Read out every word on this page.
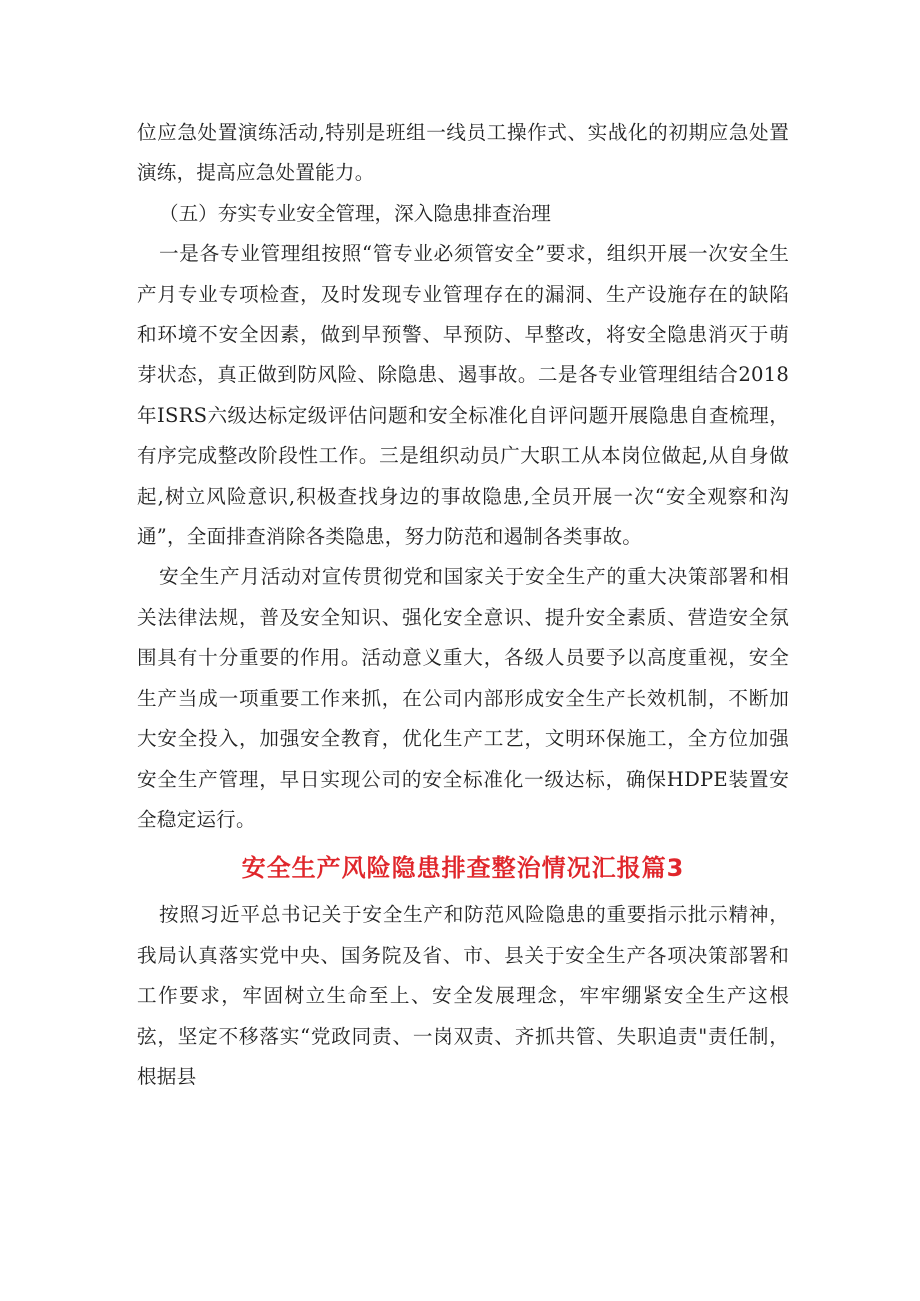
位应急处置演练活动,特别是班组一线员工操作式、实战化的初期应急处置演练，提高应急处置能力。

（五）夯实专业安全管理，深入隐患排查治理

一是各专业管理组按照“管专业必须管安全”要求，组织开展一次安全生产月专业专项检查，及时发现专业管理存在的漏洞、生产设施存在的缺陷和环境不安全因素，做到早预警、早预防、早整改，将安全隐患消灭于萌芽状态，真正做到防风险、除隐患、遏事故。二是各专业管理组结合2018年ISRS六级达标定级评估问题和安全标准化自评问题开展隐患自查梳理，有序完成整改阶段性工作。三是组织动员广大职工从本岗位做起,从自身做起,树立风险意识,积极查找身边的事故隐患,全员开展一次“安全观察和沟通”，全面排查消除各类隐患，努力防范和遏制各类事故。

安全生产月活动对宣传贯彻党和国家关于安全生产的重大决策部署和相关法律法规，普及安全知识、强化安全意识、提升安全素质、营造安全氛围具有十分重要的作用。活动意义重大，各级人员要予以高度重视，安全生产当成一项重要工作来抓，在公司内部形成安全生产长效机制，不断加大安全投入，加强安全教育，优化生产工艺，文明环保施工，全方位加强安全生产管理，早日实现公司的安全标准化一级达标，确保HDPE装置安全稳定运行。

安全生产风险隐患排查整治情况汇报篇3

按照习近平总书记关于安全生产和防范风险隐患的重要指示批示精神，我局认真落实党中央、国务院及省、市、县关于安全生产各项决策部署和工作要求，牢固树立生命至上、安全发展理念，牢牢绷紧安全生产这根弦，坚定不移落实“党政同责、一岗双责、齐抓共管、失职追责"责任制，根据县
